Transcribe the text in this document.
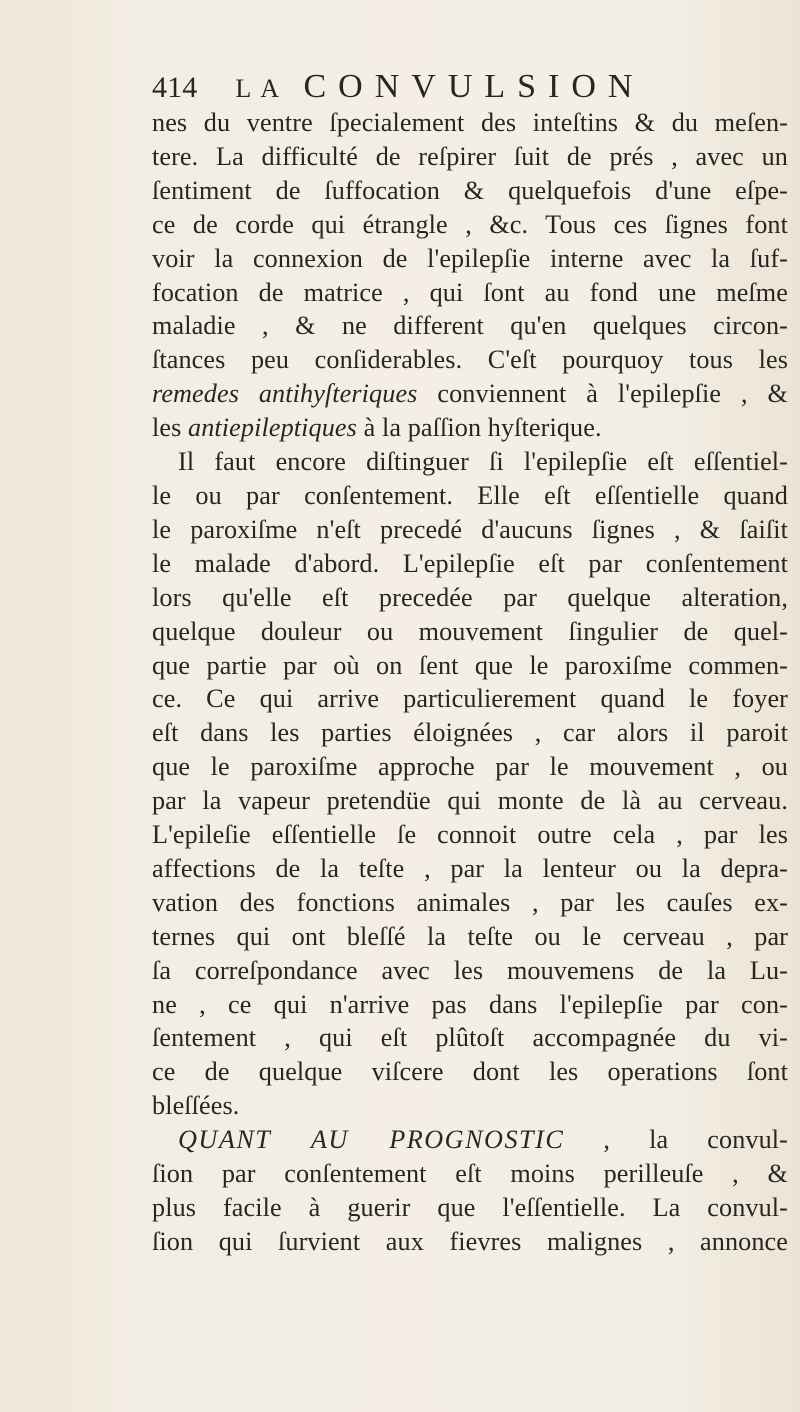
414 LA CONVULSION
nes du ventre ſpecialement des inteſtins & du meſen-
tere. La difficulté de reſpirer ſuit de prés , avec un
ſentiment de ſuffocation & quelquefois d'une eſpe-
ce de corde qui étrangle , &c. Tous ces ſignes font
voir la connexion de l'epilepſie interne avec la ſuf-
focation de matrice , qui ſont au fond une meſme
maladie , & ne different qu'en quelques circon-
ſtances peu conſiderables. C'eſt pourquoy tous les
remedes antihyſteriques conviennent à l'epilepſie , &
les antiepileptiques à la paſſion hyſterique.
Il faut encore diſtinguer ſi l'epilepſie eſt eſſentiel-
le ou par conſentement. Elle eſt eſſentielle quand
le paroxiſme n'eſt precedé d'aucuns ſignes , & ſaiſit
le malade d'abord. L'epilepſie eſt par conſentement
lors qu'elle eſt precedée par quelque alteration,
quelque douleur ou mouvement ſingulier de quel-
que partie par où on ſent que le paroxiſme commen-
ce. Ce qui arrive particulierement quand le foyer
eſt dans les parties éloignées , car alors il paroit
que le paroxiſme approche par le mouvement , ou
par la vapeur pretendüe qui monte de là au cerveau.
L'epileſie eſſentielle ſe connoit outre cela , par les
affections de la teſte , par la lenteur ou la depra-
vation des fonctions animales , par les cauſes ex-
ternes qui ont bleſſé la teſte ou le cerveau , par
ſa correſpondance avec les mouvemens de la Lu-
ne , ce qui n'arrive pas dans l'epilepſie par con-
ſentement , qui eſt plûtoſt accompagnée du vi-
ce de quelque viſcere dont les operations ſont
bleſſées.
QUANT AU PROGNOSTIC , la convul-
ſion par conſentement eſt moins perilleuſe , &
plus facile à guerir que l'eſſentielle. La convul-
ſion qui ſurvient aux fievres malignes , annonce
